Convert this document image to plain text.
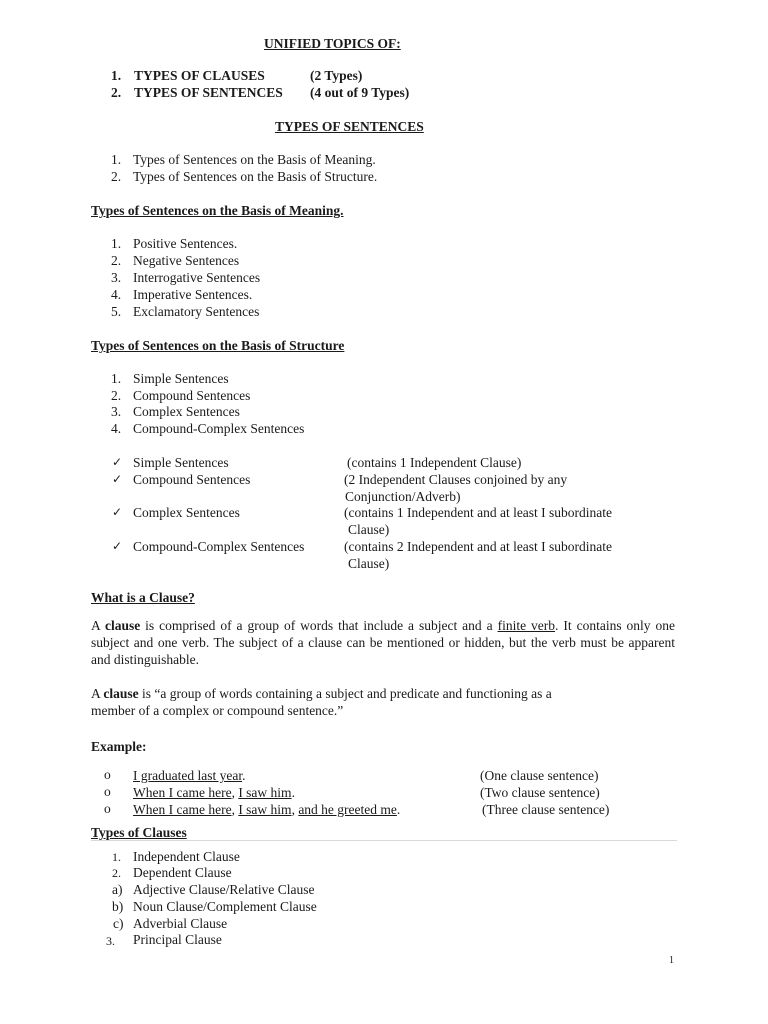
UNIFIED TOPICS OF:
1. TYPES OF CLAUSES	(2 Types)
2. TYPES OF SENTENCES (4 out of 9 Types)
TYPES OF SENTENCES
1. Types of Sentences on the Basis of Meaning.
2. Types of Sentences on the Basis of Structure.
Types of Sentences on the Basis of Meaning.
1. Positive Sentences.
2. Negative Sentences
3. Interrogative Sentences
4. Imperative Sentences.
5. Exclamatory Sentences
Types of Sentences on the Basis of Structure
1. Simple Sentences
2. Compound Sentences
3. Complex Sentences
4. Compound-Complex Sentences
✓ Simple Sentences	(contains 1 Independent Clause)
✓ Compound Sentences	(2 Independent Clauses conjoined by any
Conjunction/Adverb)
✓ Complex Sentences	(contains 1 Independent and at least I subordinate
Clause)
✓ Compound-Complex Sentences	(contains 2 Independent and at least I subordinate
Clause)
What is a Clause?
A clause is comprised of a group of words that include a subject and a finite verb. It contains only one subject and one verb. The subject of a clause can be mentioned or hidden, but the verb must be apparent and distinguishable.
A clause is “a group of words containing a subject and predicate and functioning as a
member of a complex or compound sentence.”
Example:
o I graduated last year.	(One clause sentence)
o When I came here, I saw him.	(Two clause sentence)
o When I came here, I saw him, and he greeted me.	(Three clause sentence)
Types of Clauses
1. Independent Clause
2. Dependent Clause
a) Adjective Clause/Relative Clause
b) Noun Clause/Complement Clause
c) Adverbial Clause
3. Principal Clause
1
